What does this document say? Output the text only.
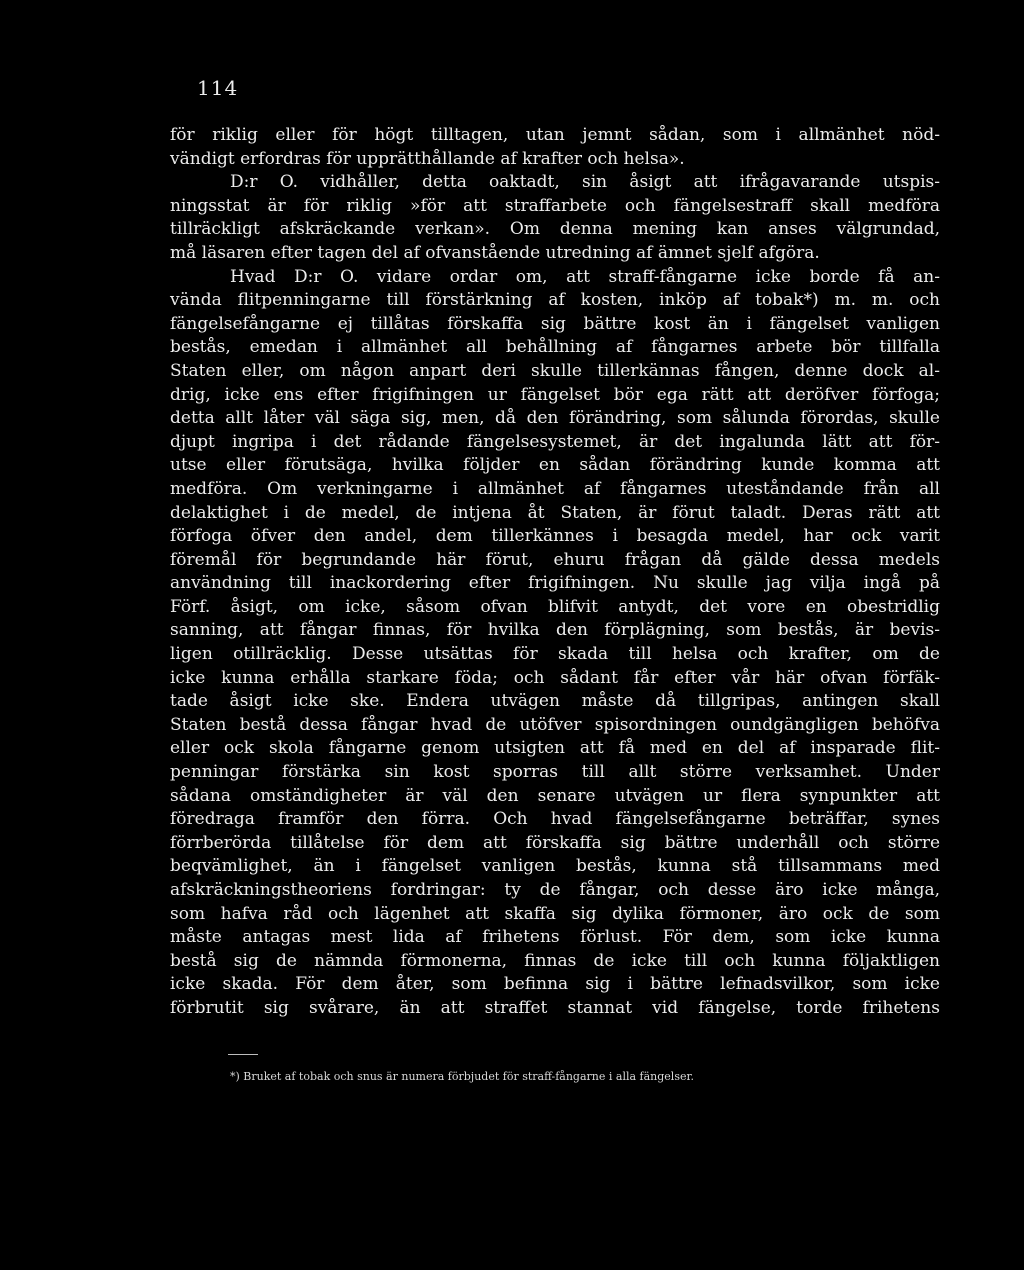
114
för riklig eller för högt tilltagen, utan jemnt sådan, som i allmänhet nöd-
vändigt erfordras för upprätthållande af krafter och helsa».
D:r O. vidhåller, detta oaktadt, sin åsigt att ifrågavarande utspis-
ningsstat är för riklig »för att straffarbete och fängelsestraff skall medföra
tillräckligt afskräckande verkan». Om denna mening kan anses välgrundad,
må läsaren efter tagen del af ofvanstående utredning af ämnet sjelf afgöra.
Hvad D:r O. vidare ordar om, att straff-fångarne icke borde få an-
vända flitpenningarne till förstärkning af kosten, inköp af tobak*) m. m. och
fängelsefångarne ej tillåtas förskaffa sig bättre kost än i fängelset vanligen
bestås, emedan i allmänhet all behållning af fångarnes arbete bör tillfalla
Staten eller, om någon anpart deri skulle tillerkännas fången, denne dock al-
drig, icke ens efter frigifningen ur fängelset bör ega rätt att deröfver förfoga;
detta allt låter väl säga sig, men, då den förändring, som sålunda förordas, skulle
djupt ingripa i det rådande fängelsesystemet, är det ingalunda lätt att för-
utse eller förutsäga, hvilka följder en sådan förändring kunde komma att
medföra. Om verkningarne i allmänhet af fångarnes uteståndande från all
delaktighet i de medel, de intjena åt Staten, är förut taladt. Deras rätt att
förfoga öfver den andel, dem tillerkännes i besagda medel, har ock varit
föremål för begrundande här förut, ehuru frågan då gälde dessa medels
användning till inackordering efter frigifningen. Nu skulle jag vilja ingå på
Förf. åsigt, om icke, såsom ofvan blifvit antydt, det vore en obestridlig
sanning, att fångar finnas, för hvilka den förplägning, som bestås, är bevis-
ligen otillräcklig. Desse utsättas för skada till helsa och krafter, om de
icke kunna erhålla starkare föda; och sådant får efter vår här ofvan förfäk-
tade åsigt icke ske. Endera utvägen måste då tillgripas, antingen skall
Staten bestå dessa fångar hvad de utöfver spisordningen oundgängligen behöfva
eller ock skola fångarne genom utsigten att få med en del af insparade flit-
penningar förstärka sin kost sporras till allt större verksamhet. Under
sådana omständigheter är väl den senare utvägen ur flera synpunkter att
föredraga framför den förra. Och hvad fängelsefångarne beträffar, synes
förrberörda tillåtelse för dem att förskaffa sig bättre underhåll och större
beqvämlighet, än i fängelset vanligen bestås, kunna stå tillsammans med
afskräckningstheoriens fordringar: ty de fångar, och desse äro icke många,
som hafva råd och lägenhet att skaffa sig dylika förmoner, äro ock de som
måste antagas mest lida af frihetens förlust. För dem, som icke kunna
bestå sig de nämnda förmonerna, finnas de icke till och kunna följaktligen
icke skada. För dem åter, som befinna sig i bättre lefnadsvilkor, som icke
förbrutit sig svårare, än att straffet stannat vid fängelse, torde frihetens
*) Bruket af tobak och snus är numera förbjudet för straff-fångarne i alla fängelser.
